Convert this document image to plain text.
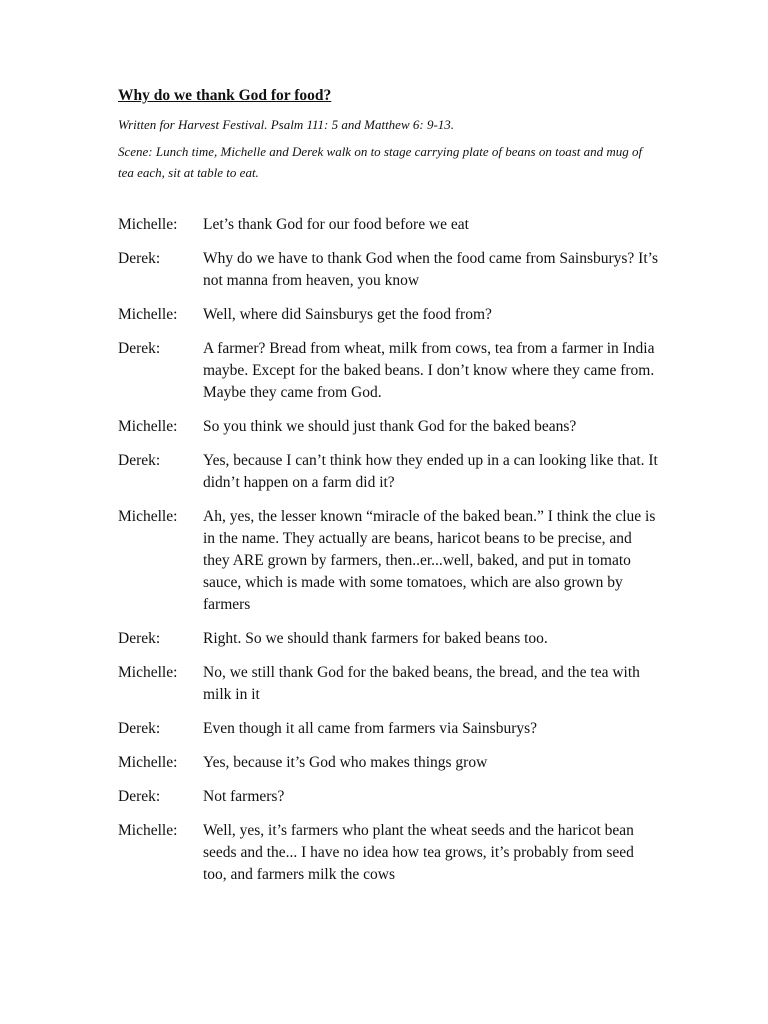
Why do we thank God for food?

Written for Harvest Festival. Psalm 111: 5 and Matthew 6: 9-13.

Scene: Lunch time, Michelle and Derek walk on to stage carrying plate of beans on toast and mug of tea each, sit at table to eat.

Michelle:	Let’s thank God for our food before we eat
Derek:	Why do we have to thank God when the food came from Sainsburys? It’s not manna from heaven, you know
Michelle:	Well, where did Sainsburys get the food from?
Derek:	A farmer? Bread from wheat, milk from cows, tea from a farmer in India maybe. Except for the baked beans. I don’t know where they came from. Maybe they came from God.
Michelle:	So you think we should just thank God for the baked beans?
Derek:	Yes, because I can’t think how they ended up in a can looking like that. It didn’t happen on a farm did it?
Michelle:	Ah, yes, the lesser known “miracle of the baked bean.” I think the clue is in the name. They actually are beans, haricot beans to be precise, and they ARE grown by farmers, then..er...well, baked, and put in tomato sauce, which is made with some tomatoes, which are also grown by farmers
Derek:	Right. So we should thank farmers for baked beans too.
Michelle:	No, we still thank God for the baked beans, the bread, and the tea with milk in it
Derek:	Even though it all came from farmers via Sainsburys?
Michelle:	Yes, because it’s God who makes things grow
Derek:	Not farmers?
Michelle:	Well, yes, it’s farmers who plant the wheat seeds and the haricot bean seeds and the... I have no idea how tea grows, it’s probably from seed too, and farmers milk the cows
